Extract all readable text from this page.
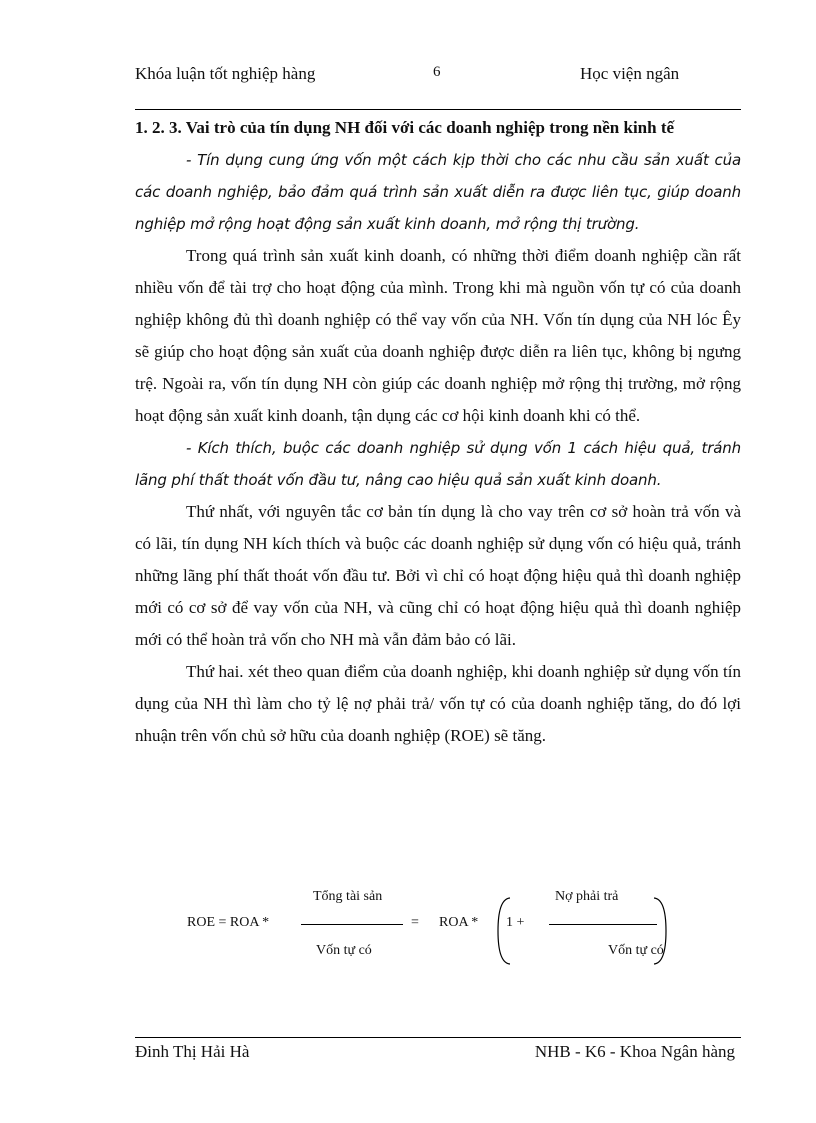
Khóa luận tốt nghiệp hàng	6	Học viện ngân

1. 2. 3. Vai trò của tín dụng NH đối với các doanh nghiệp trong nền kinh tế

- Tín dụng cung ứng vốn một cách kịp thời cho các nhu cầu sản xuất của các doanh nghiệp, bảo đảm quá trình sản xuất diễn ra được liên tục, giúp doanh nghiệp mở rộng hoạt động sản xuất kinh doanh, mở rộng thị trường.

Trong quá trình sản xuất kinh doanh, có những thời điểm doanh nghiệp cần rất nhiều vốn để tài trợ cho hoạt động của mình. Trong khi mà nguồn vốn tự có của doanh nghiệp không đủ thì doanh nghiệp có thể vay vốn của NH. Vốn tín dụng của NH lóc Êy sẽ giúp cho hoạt động sản xuất của doanh nghiệp được diễn ra liên tục, không bị ngưng trệ. Ngoài ra, vốn tín dụng NH còn giúp các doanh nghiệp mở rộng thị trường, mở rộng hoạt động sản xuất kinh doanh, tận dụng các cơ hội kinh doanh khi có thể.

- Kích thích, buộc các doanh nghiệp sử dụng vốn 1 cách hiệu quả, tránh lãng phí thất thoát vốn đầu tư, nâng cao hiệu quả sản xuất kinh doanh.

Thứ nhất, với nguyên tắc cơ bản tín dụng là cho vay trên cơ sở hoàn trả vốn và có lãi, tín dụng NH kích thích và buộc các doanh nghiệp sử dụng vốn có hiệu quả, tránh những lãng phí thất thoát vốn đầu tư. Bởi vì chỉ có hoạt động hiệu quả thì doanh nghiệp mới có cơ sở để vay vốn của NH, và cũng chỉ có hoạt động hiệu quả thì doanh nghiệp mới có thể hoàn trả vốn cho NH mà vẫn đảm bảo có lãi.

Thứ hai. xét theo quan điểm của doanh nghiệp, khi doanh nghiệp sử dụng vốn tín dụng của NH thì làm cho tỷ lệ nợ phải trả/ vốn tự có của doanh nghiệp tăng, do đó lợi nhuận trên vốn chủ sở hữu của doanh nghiệp (ROE) sẽ tăng.

ROE = ROA *
Tổng tài sản
Vốn tự có
= ROA * 1 +
Nợ phải trả
Vốn tự có
Đinh Thị Hải Hà	NHB - K6 - Khoa Ngân hàng
